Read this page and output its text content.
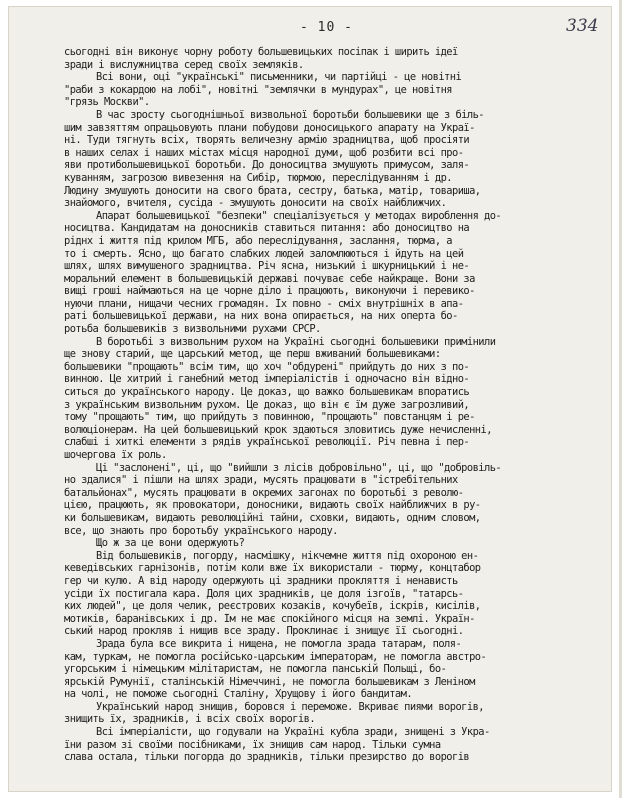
- 10 -	334
сьогодні він виконує чорну роботу большевицьких посіпак і ширить ідеї
зради і вислужництва серед своїх земляків.
Всі вони, оці "українські" письменники, чи партійці - це новітні
"раби з кокардою на лобі", новітні "землячки в мундурах", це новітня
"грязь Москви".
В час зросту сьогоднішньої визвольної боротьби большевики ще з біль-
шим завзяттям опрацьовують плани побудови доносицького апарату на Украї-
ні. Туди тягнуть всіх, творять величезну армію зрадництва, щоб просіяти
в наших селах і наших містах місця народної думи, щоб розбити всі про-
яви протибольшевицької боротьби. До доносицтва змушують примусом, заля-
куванням, загрозою вивезення на Сибір, тюрмою, переслідуванням і др.
Людину змушують доносити на свого брата, сестру, батька, матір, товариша,
знайомого, вчителя, сусіда - змушують доносити на своїх найближчих.
Апарат большевицької "безпеки" спеціалізується у методах вироблення до-
носицтва. Кандидатам на доносників ставиться питання: або доносицтво на
ріднх і життя під крилом МГБ, або переслідування, заслання, тюрма, а
то і смерть. Ясно, що багато слабких людей заломлюються і йдуть на цей
шлях, шлях вимушеного зрадництва. Річ ясна, низький і шкурницький і не-
моральний елемент в большевицькій державі почуває себе найкраще. Вони за
вищі гроші наймаються на це чорне діло і працюють, виконуючи і перевико-
нуючи плани, нищачи чесних громадян. Їх повно - сміх внутрішніх в апа-
раті большевицької держави, на них вона опирається, на них оперта бо-
ротьба большевиків з визвольними рухами СРСР.
В боротьбі з визвольним рухом на Україні сьогодні большевики примінили
ще знову старий, ще царський метод, ще перш вживаний большевиками:
большевики "прощають" всім тим, що хоч "обдурені" прийдуть до них з по-
винною. Це хитрий і ганебний метод імперіалістів і одночасно він відно-
ситься до українського народу. Це доказ, що важко большевикам впоратись
з українським визвольним рухом. Це доказ, що він є їм дуже загрозливий,
тому "прощають" тим, що прийдуть з повинною, "прощають" повстанцям і ре-
волюціонерам. На цей большевицький крок здаються зловитись дуже нечисленні,
слабші і хиткі елементи з рядів української революції. Річ певна і пер-
шочергова їх роль.
Ці "заслонені", ці, що "вийшли з лісів добровільно", ці, що "добровіль-
но здалися" і пішли на шлях зради, мусять працювати в "істребітельних
батальйонах", мусять працювати в окремих загонах по боротьбі з револю-
цією, працюють, як провокатори, доносники, видають своїх найближчих в ру-
ки большевикам, видають революційні тайни, сховки, видають, одним словом,
все, що знають про боротьбу українського народу.
Що ж за це вони одержують?
Від большевиків, погорду, насмішку, нікчемне життя під охороною ен-
кеведівських гарнізонів, потім коли вже їх використали - тюрму, концтабор
гер чи кулю. А від народу одержують ці зрадники прокляття і ненависть
усіди їх постигала кара. Доля цих зрадників, це доля ізгоїв, "татарсь-
ких людей", це доля челик, реєстрових козаків, кочубеїв, іскрів, кисілів,
мотиків, баранівських і др. Їм не має спокійного місця на землі. Україн-
ський народ прокляв і нищив все зраду. Проклинає і знищує її сьогодні.
Зрада була все викрита і нищена, не помогла зрада татарам, поля-
кам, туркам, не помогла російсько-царським імператорам, не помогла австро-
угорським і німецьким мілітаристам, не помогла панській Польщі, бо-
ярській Румунії, сталінській Німеччині, не помогла большевикам з Леніном
на чолі, не поможе сьогодні Сталіну, Хрущову і його бандитам.
Український народ знищив, боровся і переможе. Вкриває пиями ворогів,
знищить їх, зрадників, і всіх своїх ворогів.
Всі імперіалісти, що годували на Україні кубла зради, знищені з Укра-
їни разом зі своїми посібниками, їх знищив сам народ. Тільки сумна
слава остала, тільки погорда до зрадників, тільки презирство до ворогів
